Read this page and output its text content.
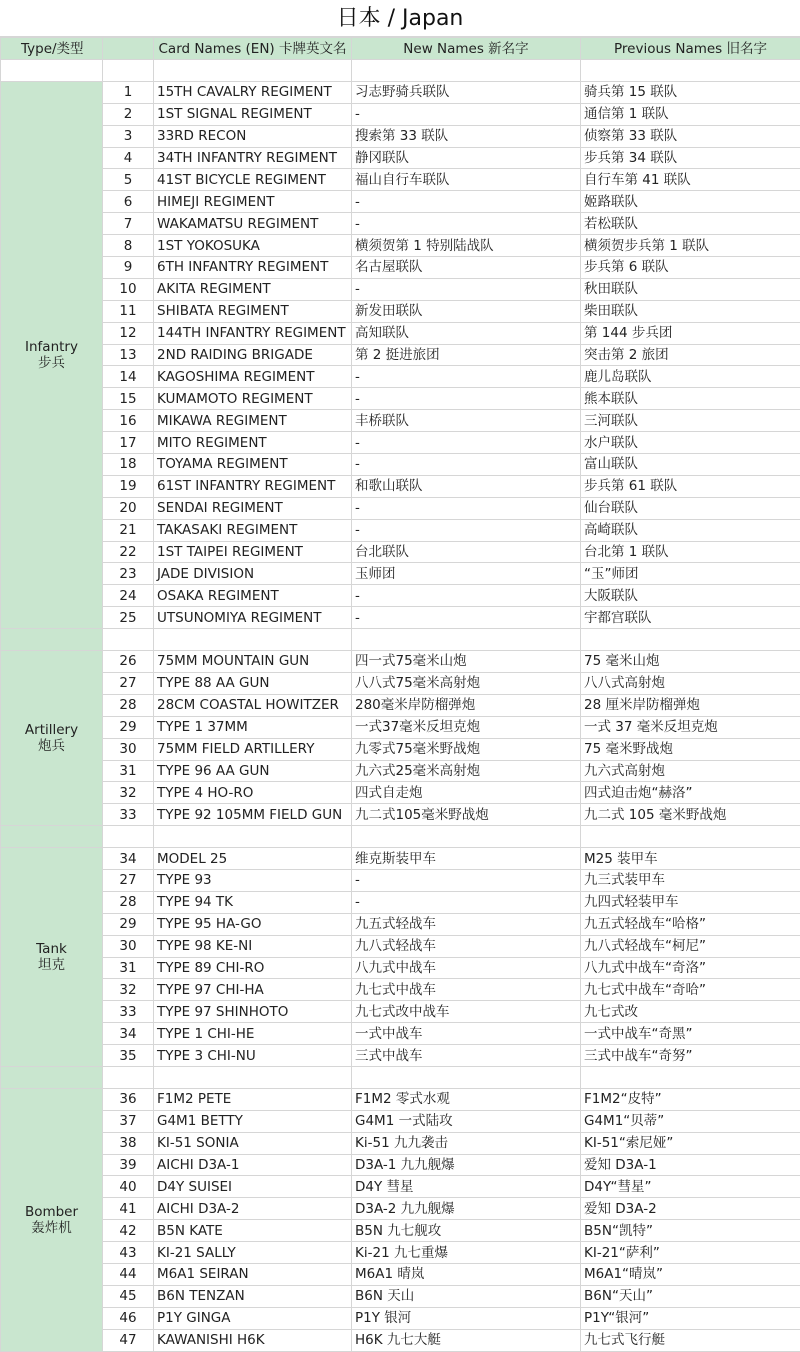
日本 / Japan
Type/类型		Card Names (EN) 卡牌英文名	New Names 新名字	Previous Names 旧名字

Infantry
步兵	1	15TH CAVALRY REGIMENT	习志野骑兵联队	骑兵第 15 联队
	2	1ST SIGNAL REGIMENT	-	通信第 1 联队
	3	33RD RECON	搜索第 33 联队	侦察第 33 联队
	4	34TH INFANTRY REGIMENT	静冈联队	步兵第 34 联队
	5	41ST BICYCLE REGIMENT	福山自行车联队	自行车第 41 联队
	6	HIMEJI REGIMENT	-	姬路联队
	7	WAKAMATSU REGIMENT	-	若松联队
	8	1ST YOKOSUKA	横须贺第 1 特别陆战队	横须贺步兵第 1 联队
	9	6TH INFANTRY REGIMENT	名古屋联队	步兵第 6 联队
	10	AKITA REGIMENT	-	秋田联队
	11	SHIBATA REGIMENT	新发田联队	柴田联队
	12	144TH INFANTRY REGIMENT	高知联队	第 144 步兵团
	13	2ND RAIDING BRIGADE	第 2 挺进旅团	突击第 2 旅团
	14	KAGOSHIMA REGIMENT	-	鹿儿岛联队
	15	KUMAMOTO REGIMENT	-	熊本联队
	16	MIKAWA REGIMENT	丰桥联队	三河联队
	17	MITO REGIMENT	-	水户联队
	18	TOYAMA REGIMENT	-	富山联队
	19	61ST INFANTRY REGIMENT	和歌山联队	步兵第 61 联队
	20	SENDAI REGIMENT	-	仙台联队
	21	TAKASAKI REGIMENT	-	高崎联队
	22	1ST TAIPEI REGIMENT	台北联队	台北第 1 联队
	23	JADE DIVISION	玉师团	“玉”师团
	24	OSAKA REGIMENT	-	大阪联队
	25	UTSUNOMIYA REGIMENT	-	宇都宫联队

Artillery
炮兵	26	75MM MOUNTAIN GUN	四一式75毫米山炮	75 毫米山炮
	27	TYPE 88 AA GUN	八八式75毫米高射炮	八八式高射炮
	28	28CM COASTAL HOWITZER	280毫米岸防榴弹炮	28 厘米岸防榴弹炮
	29	TYPE 1 37MM	一式37毫米反坦克炮	一式 37 毫米反坦克炮
	30	75MM FIELD ARTILLERY	九零式75毫米野战炮	75 毫米野战炮
	31	TYPE 96 AA GUN	九六式25毫米高射炮	九六式高射炮
	32	TYPE 4 HO-RO	四式自走炮	四式迫击炮“赫洛”
	33	TYPE 92 105MM FIELD GUN	九二式105毫米野战炮	九二式 105 毫米野战炮

Tank
坦克	34	MODEL 25	维克斯装甲车	M25 装甲车
	27	TYPE 93	-	九三式装甲车
	28	TYPE 94 TK	-	九四式轻装甲车
	29	TYPE 95 HA-GO	九五式轻战车	九五式轻战车“哈格”
	30	TYPE 98 KE-NI	九八式轻战车	九八式轻战车“柯尼”
	31	TYPE 89 CHI-RO	八九式中战车	八九式中战车“奇洛”
	32	TYPE 97 CHI-HA	九七式中战车	九七式中战车“奇哈”
	33	TYPE 97 SHINHOTO	九七式改中战车	九七式改
	34	TYPE 1 CHI-HE	一式中战车	一式中战车“奇黑”
	35	TYPE 3 CHI-NU	三式中战车	三式中战车“奇努”

Bomber
轰炸机	36	F1M2 PETE	F1M2 零式水观	F1M2“皮特”
	37	G4M1 BETTY	G4M1 一式陆攻	G4M1“贝蒂”
	38	KI-51 SONIA	Ki-51 九九袭击	KI-51“索尼娅”
	39	AICHI D3A-1	D3A-1 九九舰爆	爱知 D3A-1
	40	D4Y SUISEI	D4Y 彗星	D4Y“彗星”
	41	AICHI D3A-2	D3A-2 九九舰爆	爱知 D3A-2
	42	B5N KATE	B5N 九七舰攻	B5N“凯特”
	43	KI-21 SALLY	Ki-21 九七重爆	KI-21“萨利”
	44	M6A1 SEIRAN	M6A1 晴岚	M6A1“晴岚”
	45	B6N TENZAN	B6N 天山	B6N“天山”
	46	P1Y GINGA	P1Y 银河	P1Y“银河”
	47	KAWANISHI H6K	H6K 九七大艇	九七式飞行艇
